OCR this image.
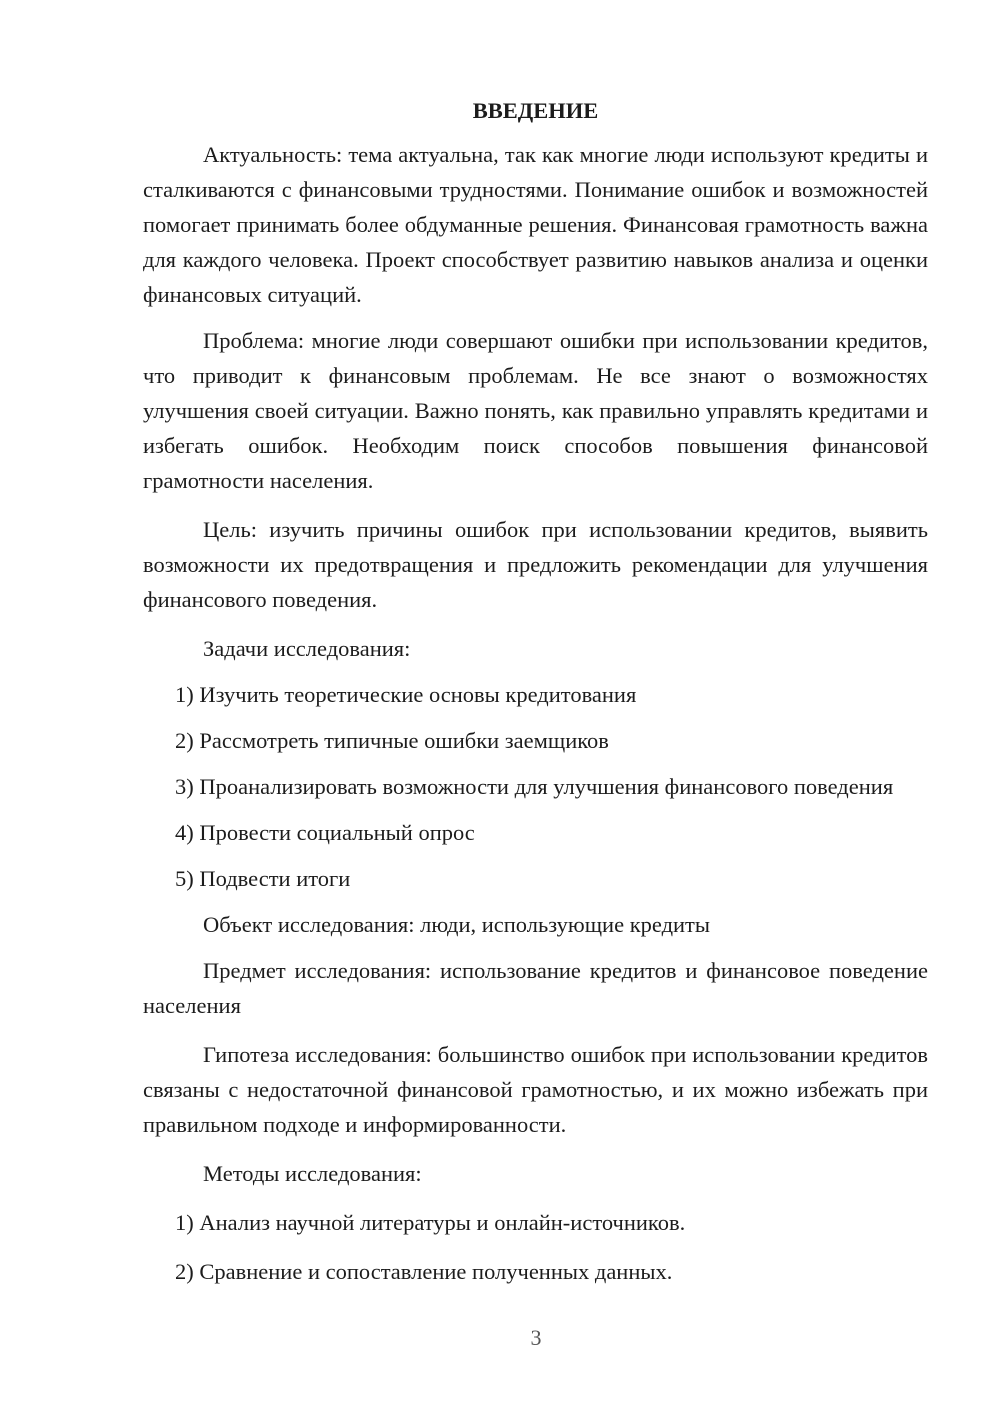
ВВЕДЕНИЕ

Актуальность: тема актуальна, так как многие люди используют кредиты и сталкиваются с финансовыми трудностями. Понимание ошибок и возможностей помогает принимать более обдуманные решения. Финансовая грамотность важна для каждого человека. Проект способствует развитию навыков анализа и оценки финансовых ситуаций.

Проблема: многие люди совершают ошибки при использовании кредитов, что приводит к финансовым проблемам. Не все знают о возможностях улучшения своей ситуации. Важно понять, как правильно управлять кредитами и избегать ошибок. Необходим поиск способов повышения финансовой грамотности населения.

Цель: изучить причины ошибок при использовании кредитов, выявить возможности их предотвращения и предложить рекомендации для улучшения финансового поведения.

Задачи исследования:

1) Изучить теоретические основы кредитования

2) Рассмотреть типичные ошибки заемщиков

3) Проанализировать возможности для улучшения финансового поведения

4) Провести социальный опрос

5) Подвести итоги

Объект исследования: люди, использующие кредиты

Предмет исследования: использование кредитов и финансовое поведение населения

Гипотеза исследования: большинство ошибок при использовании кредитов связаны с недостаточной финансовой грамотностью, и их можно избежать при правильном подходе и информированности.

Методы исследования:

1) Анализ научной литературы и онлайн-источников.

2) Сравнение и сопоставление полученных данных.

3
